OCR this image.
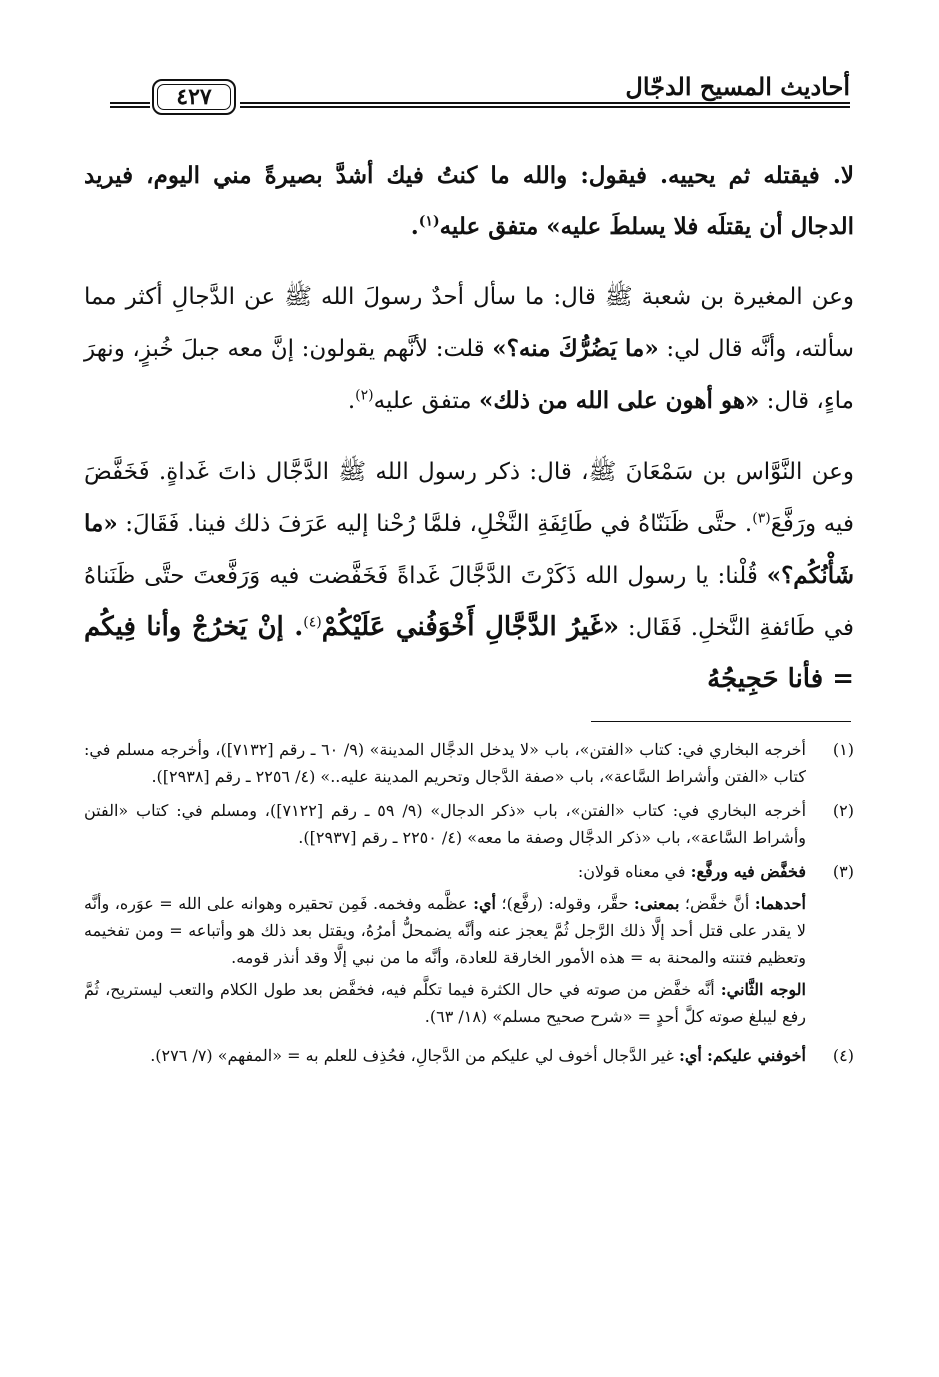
أحاديث المسيح الدجّال
٤٢٧

لا. فيقتله ثم يحييه. فيقول: والله ما كنتُ فيك أشدَّ بصيرةً مني اليوم، فيريد الدجال أن يقتلَه فلا يسلطَ عليه» متفق عليه$^{(١)}$.

وعن المغيرة بن شعبة ﷺ قال: ما سأل أحدٌ رسولَ الله ﷺ عن الدَّجالِ أكثر مما سألته، وأنَّه قال لي: «ما يَضُرُّكَ منه؟» قلت: لأنَّهم يقولون: إنَّ معه جبلَ خُبزٍ، ونهرَ ماءٍ، قال: «هو أهون على الله من ذلك» متفق عليه$^{(٢)}$.

وعن النَّوَّاس بن سَمْعَانَ ﷺ، قال: ذكر رسول الله ﷺ الدَّجَّال ذاتَ غَداةٍ. فَخَفَّضَ فيه ورَفَّعَ$^{(٣)}$. حتَّى ظَنَنّاهُ في طَائِفَةِ النَّخْلِ، فلمَّا رُحْنا إليه عَرَفَ ذلك فينا. فَقَالَ: «ما شَأْنُكُم؟» قُلْنا: يا رسول الله ذَكَرْتَ الدَّجَّالَ غَداةً فَخَفَّضت فيه وَرَفَّعتَ حتَّى ظَنَناهُ في طَائفةِ النَّخلِ. فَقَال: «غَيرُ الدَّجَّالِ أَخْوَفُني عَلَيْكُمْ$^{(٤)}$. إنْ يَخرُجْ وأنا فِيكُم = فأنا حَجِيجُهُ

(١)
أخرجه البخاري في: كتاب «الفتن»، باب «لا يدخل الدجَّال المدينة» (٩/ ٦٠ ـ رقم [٧١٣٢])، وأخرجه مسلم في: كتاب «الفتن وأشراط السَّاعة»، باب «صفة الدَّجال وتحريم المدينة عليه..» (٤/ ٢٢٥٦ ـ رقم [٢٩٣٨]).
(٢)
أخرجه البخاري في: كتاب «الفتن»، باب «ذكر الدجال» (٩/ ٥٩ ـ رقم [٧١٢٢])، ومسلم في: كتاب «الفتن وأشراط السَّاعة»، باب «ذكر الدجَّال وصفة ما معه» (٤/ ٢٢٥٠ ـ رقم [٢٩٣٧]).
(٣)

فخفَّض فيه ورفَّع: في معناه قولان:

أحدهما: أنَّ خفَّض؛ بمعنى: حقَّر، وقوله: (رفَّع)؛ أي: عظَّمه وفخمه. فَمِن تحقيره وهوانه على الله = عوَره، وأنَّه لا يقدر على قتل أحد إلَّا ذلك الرَّجل ثُمَّ يعجز عنه وأنَّه يضمحلُّ أمرُهُ، ويقتل بعد ذلك هو وأتباعه = ومن تفخيمه وتعظيم فتنته والمحنة به = هذه الأمور الخارقة للعادة، وأنَّه ما من نبي إلَّا وقد أنذر قومه.

الوجه الثَّاني: أنَّه خفَّض من صوته في حال الكثرة فيما تكلَّم فيه، فخفَّض بعد طول الكلام والتعب ليستريح، ثُمَّ رفع ليبلغ صوته كلَّ أحدٍ = «شرح صحيح مسلم» (١٨/ ٦٣).

(٤)
أخوفني عليكم: أي: غير الدَّجال أخوف لي عليكم من الدَّجالِ، فحُذِف للعلم به = «المفهم» (٧/ ٢٧٦).
